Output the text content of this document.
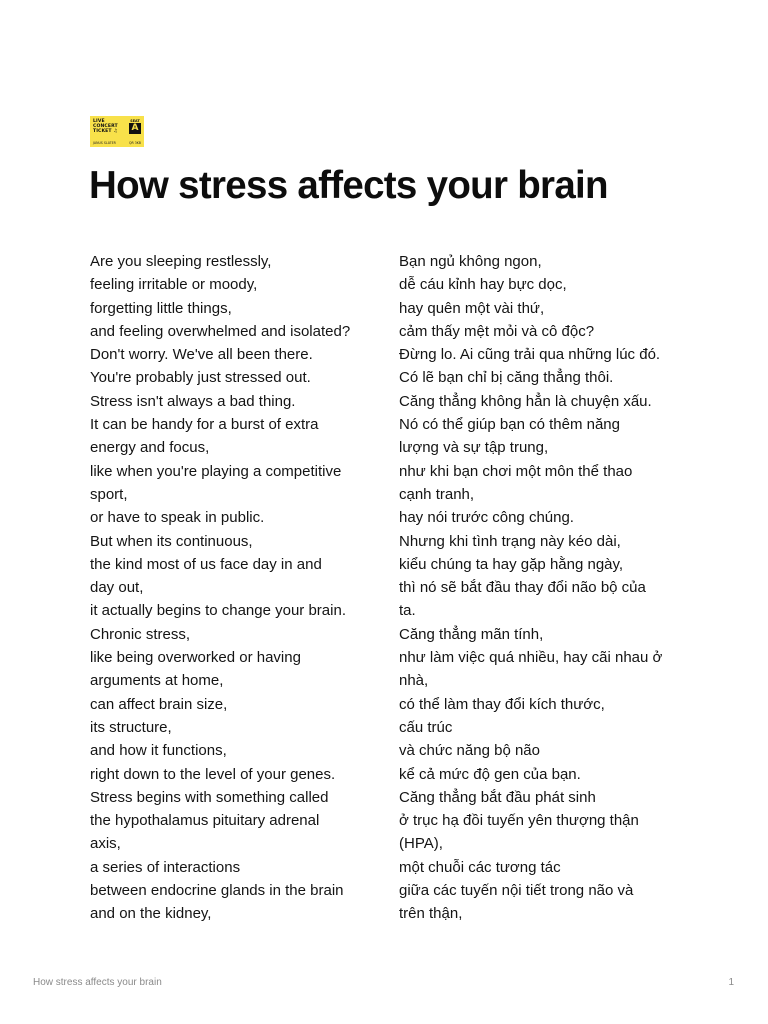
LIVE
CONCERT
TICKET ♫
SEAT
A
JANUS SLATER	QR 3KB
How stress affects your brain
Are you sleeping restlessly,
feeling irritable or moody,
forgetting little things,
and feeling overwhelmed and isolated?
Don't worry. We've all been there.
You're probably just stressed out.
Stress isn't always a bad thing.
It can be handy for a burst of extra
energy and focus,
like when you're playing a competitive
sport,
or have to speak in public.
But when its continuous,
the kind most of us face day in and
day out,
it actually begins to change your brain.
Chronic stress,
like being overworked or having
arguments at home,
can affect brain size,
its structure,
and how it functions,
right down to the level of your genes.
Stress begins with something called
the hypothalamus pituitary adrenal
axis,
a series of interactions
between endocrine glands in the brain
and on the kidney,
Bạn ngủ không ngon,
dễ cáu kỉnh hay bực dọc,
hay quên một vài thứ,
cảm thấy mệt mỏi và cô độc?
Đừng lo. Ai cũng trải qua những lúc đó.
Có lẽ bạn chỉ bị căng thẳng thôi.
Căng thẳng không hẳn là chuyện xấu.
Nó có thể giúp bạn có thêm năng
lượng và sự tập trung,
như khi bạn chơi một môn thể thao
cạnh tranh,
hay nói trước công chúng.
Nhưng khi tình trạng này kéo dài,
kiểu chúng ta hay gặp hằng ngày,
thì nó sẽ bắt đầu thay đổi não bộ của
ta.
Căng thẳng mãn tính,
như làm việc quá nhiều, hay cãi nhau ở
nhà,
có thể làm thay đổi kích thước,
cấu trúc
và chức năng bộ não
kể cả mức độ gen của bạn.
Căng thẳng bắt đầu phát sinh
ở trục hạ đồi tuyến yên thượng thận
(HPA),
một chuỗi các tương tác
giữa các tuyến nội tiết trong não và
trên thận,
How stress affects your brain	1
